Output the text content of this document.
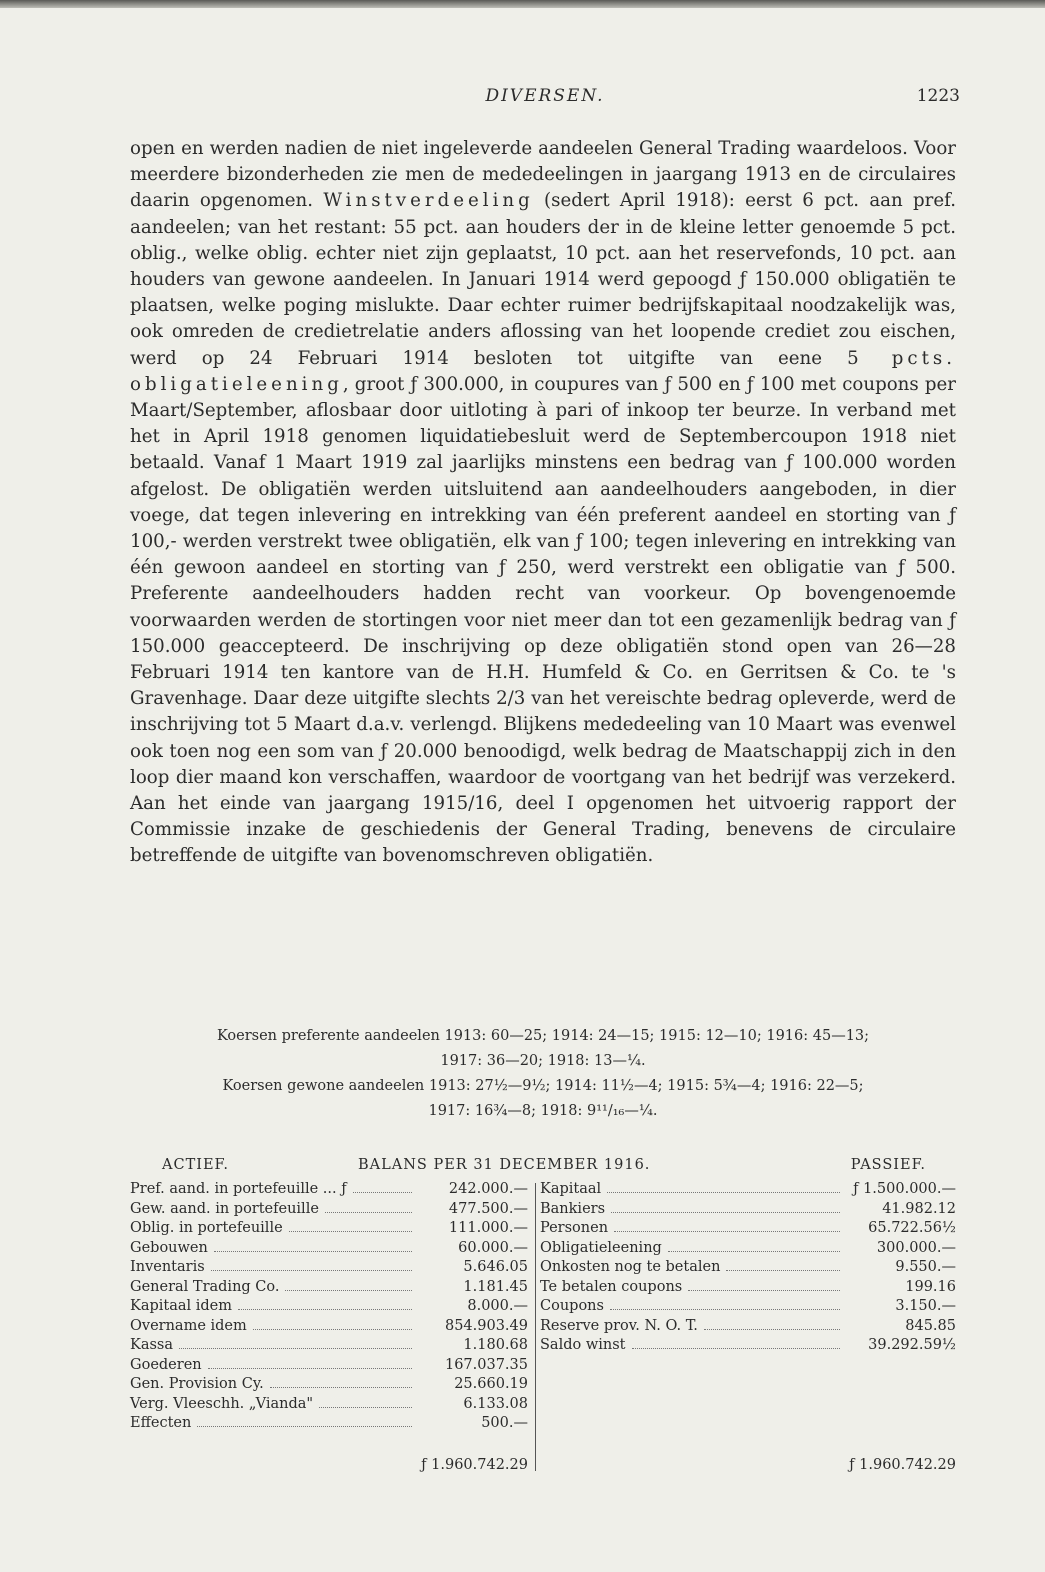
DIVERSEN.	1223

open en werden nadien de niet ingeleverde aandeelen General Trading waardeloos. Voor meerdere bizonderheden zie men de mededeelingen in jaargang 1913 en de circulaires daarin opgenomen. Winstverdeeling (sedert April 1918): eerst 6 pct. aan pref. aandeelen; van het restant: 55 pct. aan houders der in de kleine letter genoemde 5 pct. oblig., welke oblig. echter niet zijn geplaatst, 10 pct. aan het reservefonds, 10 pct. aan houders van gewone aandeelen. In Januari 1914 werd gepoogd ƒ 150.000 obligatiën te plaatsen, welke poging mislukte. Daar echter ruimer bedrijfskapitaal noodzakelijk was, ook omreden de credietrelatie anders aflossing van het loopende crediet zou eischen, werd op 24 Februari 1914 besloten tot uitgifte van eene 5 pcts. obligatieleening, groot ƒ 300.000, in coupures van ƒ 500 en ƒ 100 met coupons per Maart/September, aflosbaar door uitloting à pari of inkoop ter beurze. In verband met het in April 1918 genomen liquidatiebesluit werd de Septembercoupon 1918 niet betaald. Vanaf 1 Maart 1919 zal jaarlijks minstens een bedrag van ƒ 100.000 worden afgelost. De obligatiën werden uitsluitend aan aandeelhouders aangeboden, in dier voege, dat tegen inlevering en intrekking van één preferent aandeel en storting van ƒ 100,- werden verstrekt twee obligatiën, elk van ƒ 100; tegen inlevering en intrekking van één gewoon aandeel en storting van ƒ 250, werd verstrekt een obligatie van ƒ 500. Preferente aandeelhouders hadden recht van voorkeur. Op bovengenoemde voorwaarden werden de stortingen voor niet meer dan tot een gezamenlijk bedrag van ƒ 150.000 geaccepteerd. De inschrijving op deze obligatiën stond open van 26—28 Februari 1914 ten kantore van de H.H. Humfeld & Co. en Gerritsen & Co. te 's Gravenhage. Daar deze uitgifte slechts 2/3 van het vereischte bedrag opleverde, werd de inschrijving tot 5 Maart d.a.v. verlengd. Blijkens mededeeling van 10 Maart was evenwel ook toen nog een som van ƒ 20.000 benoodigd, welk bedrag de Maatschappij zich in den loop dier maand kon verschaffen, waardoor de voortgang van het bedrijf was verzekerd. Aan het einde van jaargang 1915/16, deel I opgenomen het uitvoerig rapport der Commissie inzake de geschiedenis der General Trading, benevens de circulaire betreffende de uitgifte van bovenomschreven obligatiën.

Koersen preferente aandeelen 1913: 60—25; 1914: 24—15; 1915: 12—10; 1916: 45—13;

1917: 36—20; 1918: 13—¼.

Koersen gewone aandeelen 1913: 27½—9½; 1914: 11½—4; 1915: 5¾—4; 1916: 22—5;

1917: 16¾—8; 1918: 9¹¹/₁₆—¼.

ACTIEF.	BALANS PER 31 DECEMBER 1916.	PASSIEF.
Pref. aand. in portefeuille ... ƒ	242.000.—
Gew. aand. in portefeuille	477.500.—
Oblig. in portefeuille	111.000.—
Gebouwen	60.000.—
Inventaris	5.646.05
General Trading Co.	1.181.45
Kapitaal idem	8.000.—
Overname idem	854.903.49
Kassa	1.180.68
Goederen	167.037.35
Gen. Provision Cy.	25.660.19
Verg. Vleeschh. „Vianda"	6.133.08
Effecten	500.—
Kapitaal	ƒ 1.500.000.—
Bankiers	41.982.12
Personen	65.722.56½
Obligatieleening	300.000.—
Onkosten nog te betalen	9.550.—
Te betalen coupons	199.16
Coupons	3.150.—
Reserve prov. N. O. T.	845.85
Saldo winst	39.292.59½
ƒ 1.960.742.29	ƒ 1.960.742.29
